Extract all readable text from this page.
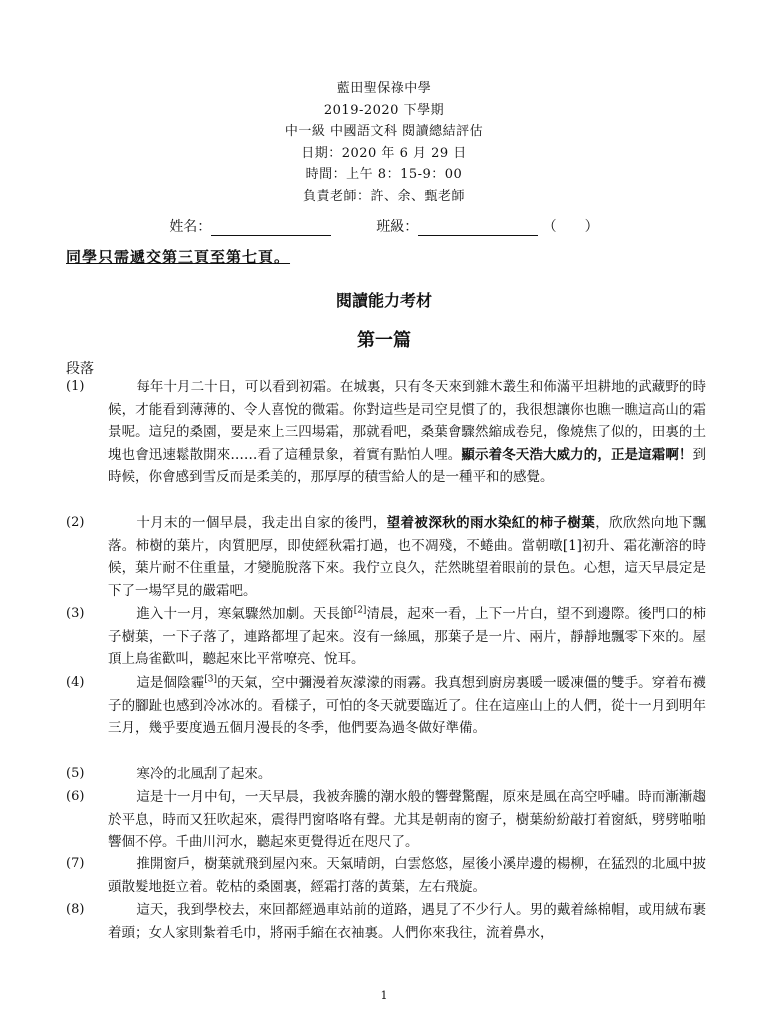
藍田聖保祿中學
2019-2020 下學期
中一級 中國語文科 閱讀總結評估
日期：2020 年 6 月 29 日
時間：上午 8：15-9：00
負責老師：許、余、甄老師
姓名：	班級：	（　　）
同學只需遞交第三頁至第七頁。
閱讀能力考材
第一篇
段落
(1)	每年十月二十日，可以看到初霜。在城裏，只有冬天來到雜木叢生和佈滿平坦耕地的武藏野的時候，才能看到薄薄的、令人喜悅的微霜。你對這些是司空見慣了的，我很想讓你也瞧一瞧這高山的霜景呢。這兒的桑園，要是來上三四場霜，那就看吧，桑葉會驟然縮成卷兒，像燒焦了似的，田裏的土塊也會迅速鬆散開來……看了這種景象，着實有點怕人哩。顯示着冬天浩大威力的，正是這霜啊！到時候，你會感到雪反而是柔美的，那厚厚的積雪給人的是一種平和的感覺。
(2)	十月末的一個早晨，我走出自家的後門，望着被深秋的雨水染紅的柿子樹葉，欣欣然向地下飄落。柿樹的葉片，肉質肥厚，即使經秋霜打過，也不凋殘，不蜷曲。當朝暾[1]初升、霜花漸溶的時候，葉片耐不住重量，才變脆脫落下來。我佇立良久，茫然眺望着眼前的景色。心想，這天早晨定是下了一場罕見的嚴霜吧。
(3)	進入十一月，寒氣驟然加劇。天長節[2]清晨，起來一看，上下一片白，望不到邊際。後門口的柿子樹葉，一下子落了，連路都埋了起來。沒有一絲風，那葉子是一片、兩片，靜靜地飄零下來的。屋頂上鳥雀歡叫，聽起來比平常嘹亮、悅耳。
(4)	這是個陰霾[3]的天氣，空中彌漫着灰濛濛的雨霧。我真想到廚房裏暖一暖凍僵的雙手。穿着布襪子的腳趾也感到冷冰冰的。看樣子，可怕的冬天就要臨近了。住在這座山上的人們，從十一月到明年三月，幾乎要度過五個月漫長的冬季，他們要為過冬做好準備。
(5)	寒冷的北風刮了起來。
(6)	這是十一月中旬，一天早晨，我被奔騰的潮水般的響聲驚醒，原來是風在高空呼嘯。時而漸漸趨於平息，時而又狂吹起來，震得門窗咯咯有聲。尤其是朝南的窗子，樹葉紛紛敲打着窗紙，劈劈啪啪響個不停。千曲川河水，聽起來更覺得近在咫尺了。
(7)	推開窗戶，樹葉就飛到屋內來。天氣晴朗，白雲悠悠，屋後小溪岸邊的楊柳，在猛烈的北風中披頭散髮地挺立着。乾枯的桑園裏，經霜打落的黃葉，左右飛旋。
(8)	這天，我到學校去，來回都經過車站前的道路，遇見了不少行人。男的戴着絲棉帽，或用絨布裹着頭；女人家則紮着毛巾，將兩手縮在衣袖裏。人們你來我往，流着鼻水，
1
